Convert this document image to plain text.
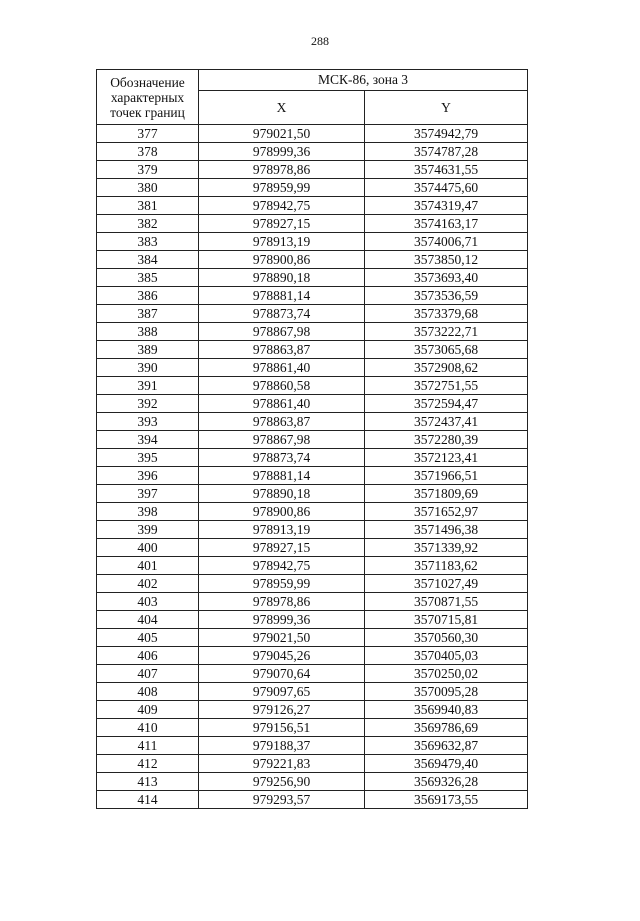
288
Обозначение характерных точек границ	МСК-86, зона 3	
	X	Y
377	979021,50	3574942,79
378	978999,36	3574787,28
379	978978,86	3574631,55
380	978959,99	3574475,60
381	978942,75	3574319,47
382	978927,15	3574163,17
383	978913,19	3574006,71
384	978900,86	3573850,12
385	978890,18	3573693,40
386	978881,14	3573536,59
387	978873,74	3573379,68
388	978867,98	3573222,71
389	978863,87	3573065,68
390	978861,40	3572908,62
391	978860,58	3572751,55
392	978861,40	3572594,47
393	978863,87	3572437,41
394	978867,98	3572280,39
395	978873,74	3572123,41
396	978881,14	3571966,51
397	978890,18	3571809,69
398	978900,86	3571652,97
399	978913,19	3571496,38
400	978927,15	3571339,92
401	978942,75	3571183,62
402	978959,99	3571027,49
403	978978,86	3570871,55
404	978999,36	3570715,81
405	979021,50	3570560,30
406	979045,26	3570405,03
407	979070,64	3570250,02
408	979097,65	3570095,28
409	979126,27	3569940,83
410	979156,51	3569786,69
411	979188,37	3569632,87
412	979221,83	3569479,40
413	979256,90	3569326,28
414	979293,57	3569173,55
